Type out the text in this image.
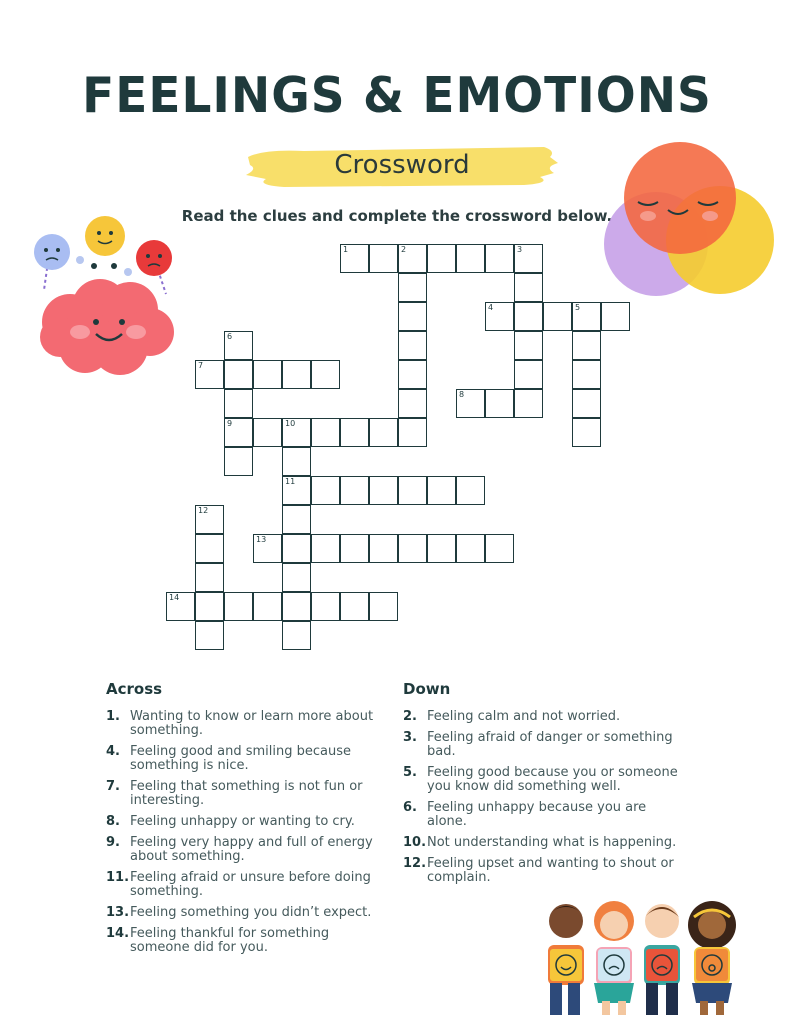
FEELINGS & EMOTIONS
Crossword
Read the clues and complete the crossword below.
1	2	3
4	5
6
9
7
8
10
11
12
13
14
Across	Down
1. Wanting to know or learn more about something.
4. Feeling good and smiling because something is nice.
7. Feeling that something is not fun or interesting.
8. Feeling unhappy or wanting to cry.
9. Feeling very happy and full of energy about something.
11. Feeling afraid or unsure before doing something.
13. Feeling something you didn’t expect.
14. Feeling thankful for something someone did for you.
2. Feeling calm and not worried.
3. Feeling afraid of danger or something bad.
5. Feeling good because you or someone you know did something well.
6. Feeling unhappy because you are alone.
10. Not understanding what is happening.
12. Feeling upset and wanting to shout or complain.
